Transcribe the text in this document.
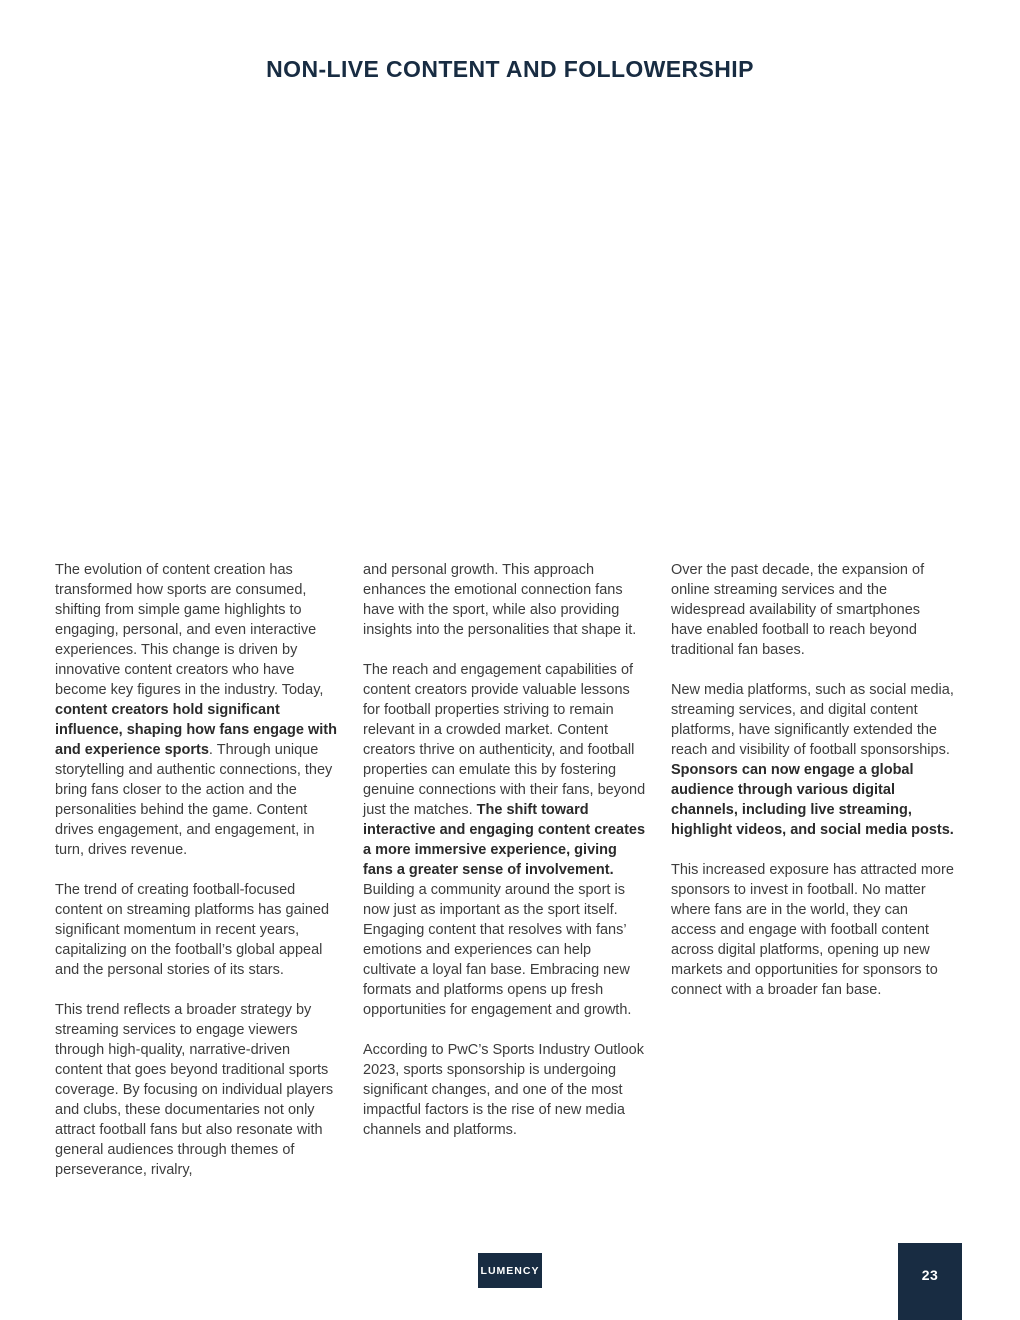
NON-LIVE CONTENT AND FOLLOWERSHIP

The evolution of content creation has transformed how sports are consumed, shifting from simple game highlights to engaging, personal, and even interactive experiences. This change is driven by innovative content creators who have become key figures in the industry. Today, content creators hold significant influence, shaping how fans engage with and experience sports. Through unique storytelling and authentic connections, they bring fans closer to the action and the personalities behind the game. Content drives engagement, and engagement, in turn, drives revenue.

The trend of creating football-focused content on streaming platforms has gained significant momentum in recent years, capitalizing on the football’s global appeal and the personal stories of its stars.

This trend reflects a broader strategy by streaming services to engage viewers through high-quality, narrative-driven content that goes beyond traditional sports coverage. By focusing on individual players and clubs, these documentaries not only attract football fans but also resonate with general audiences through themes of perseverance, rivalry,

and personal growth. This approach enhances the emotional connection fans have with the sport, while also providing insights into the personalities that shape it.

The reach and engagement capabilities of content creators provide valuable lessons for football properties striving to remain relevant in a crowded market. Content creators thrive on authenticity, and football properties can emulate this by fostering genuine connections with their fans, beyond just the matches. The shift toward interactive and engaging content creates a more immersive experience, giving fans a greater sense of involvement. Building a community around the sport is now just as important as the sport itself. Engaging content that resolves with fans’ emotions and experiences can help cultivate a loyal fan base. Embracing new formats and platforms opens up fresh opportunities for engagement and growth.

According to PwC’s Sports Industry Outlook 2023, sports sponsorship is undergoing significant changes, and one of the most impactful factors is the rise of new media channels and platforms.

Over the past decade, the expansion of online streaming services and the widespread availability of smartphones have enabled football to reach beyond traditional fan bases.

New media platforms, such as social media, streaming services, and digital content platforms, have significantly extended the reach and visibility of football sponsorships. Sponsors can now engage a global audience through various digital channels, including live streaming, highlight videos, and social media posts.

This increased exposure has attracted more sponsors to invest in football. No matter where fans are in the world, they can access and engage with football content across digital platforms, opening up new markets and opportunities for sponsors to connect with a broader fan base.

LUMENCY	23
